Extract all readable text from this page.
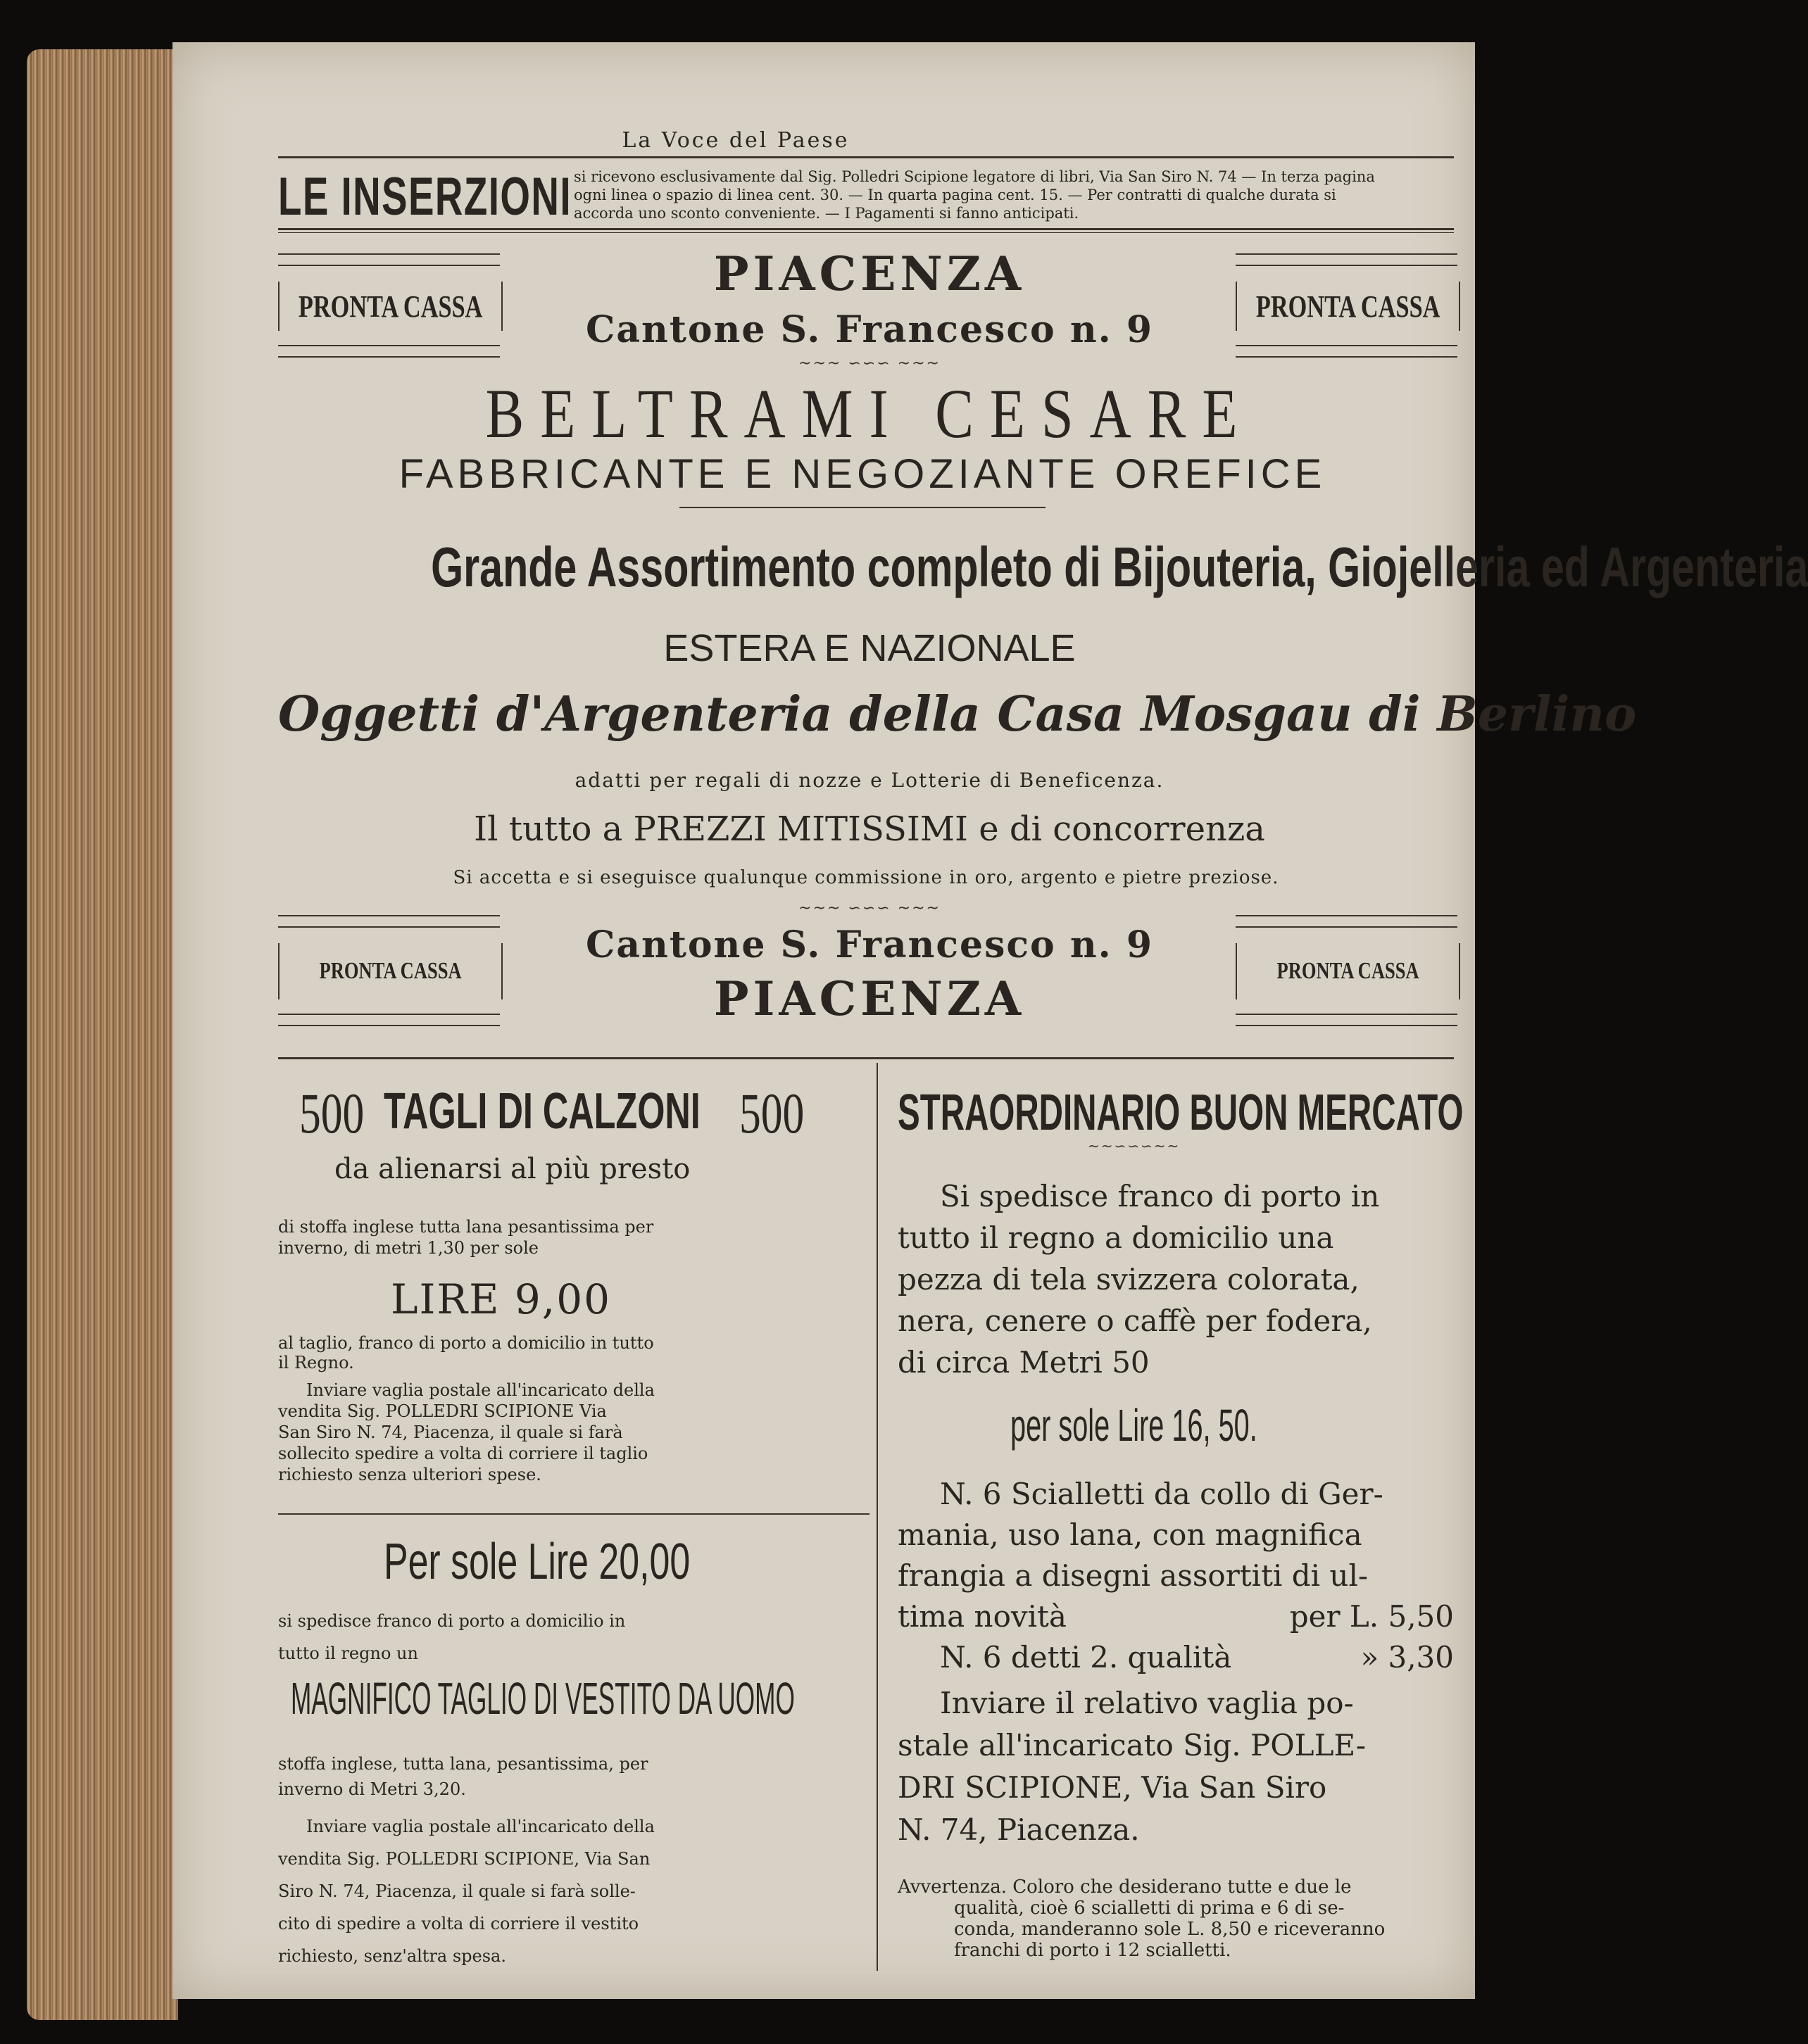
La Voce del Paese
LE INSERZIONI si ricevono esclusivamente dal Sig. Polledri Scipione legatore di libri, Via San Siro N. 74 — In terza pagina
ogni linea o spazio di linea cent. 30. — In quarta pagina cent. 15. — Per contratti di qualche durata si
accorda uno sconto conveniente. — I Pagamenti si fanno anticipati.
PRONTA CASSA	PRONTA CASSA
PIACENZA
Cantone S. Francesco n. 9
~~~ ∽∽∽ ~~~
BELTRAMI CESARE
FABBRICANTE E NEGOZIANTE OREFICE
Grande Assortimento completo di Bijouteria, Giojelleria ed Argenteria
ESTERA E NAZIONALE
Oggetti d'Argenteria della Casa Mosgau di Berlino
adatti per regali di nozze e Lotterie di Beneficenza.
Il tutto a PREZZI MITISSIMI e di concorrenza
Si accetta e si eseguisce qualunque commissione in oro, argento e pietre preziose.
~~~ ∽∽∽ ~~~
PRONTA CASSA	PRONTA CASSA
Cantone S. Francesco n. 9
PIACENZA
500 TAGLI DI CALZONI 500
da alienarsi al più presto
di stoffa inglese tutta lana pesantissima per
inverno, di metri 1,30 per sole
LIRE 9,00
al taglio, franco di porto a domicilio in tutto
il Regno.
Inviare vaglia postale all'incaricato della
vendita Sig. POLLEDRI SCIPIONE Via
San Siro N. 74, Piacenza, il quale si farà
sollecito spedire a volta di corriere il taglio
richiesto senza ulteriori spese.
Per sole Lire 20,00
si spedisce franco di porto a domicilio in
tutto il regno un
MAGNIFICO TAGLIO DI VESTITO DA UOMO
stoffa inglese, tutta lana, pesantissima, per
inverno di Metri 3,20.
Inviare vaglia postale all'incaricato della
vendita Sig. POLLEDRI SCIPIONE, Via San
Siro N. 74, Piacenza, il quale si farà solle-
cito di spedire a volta di corriere il vestito
richiesto, senz'altra spesa.
STRAORDINARIO BUON MERCATO
~~∽∽∽~~
Si spedisce franco di porto in
tutto il regno a domicilio una
pezza di tela svizzera colorata,
nera, cenere o caffè per fodera,
di circa Metri 50
per sole Lire 16, 50.
N. 6 Scialletti da collo di Ger-
mania, uso lana, con magnifica
frangia a disegni assortiti di ul-
tima novità	per L. 5,50
N. 6 detti 2. qualità	» 3,30
Inviare il relativo vaglia po-
stale all'incaricato Sig. POLLE-
DRI SCIPIONE, Via San Siro
N. 74, Piacenza.
Avvertenza. Coloro che desiderano tutte e due le
qualità, cioè 6 scialletti di prima e 6 di se-
conda, manderanno sole L. 8,50 e riceveranno
franchi di porto i 12 scialletti.
